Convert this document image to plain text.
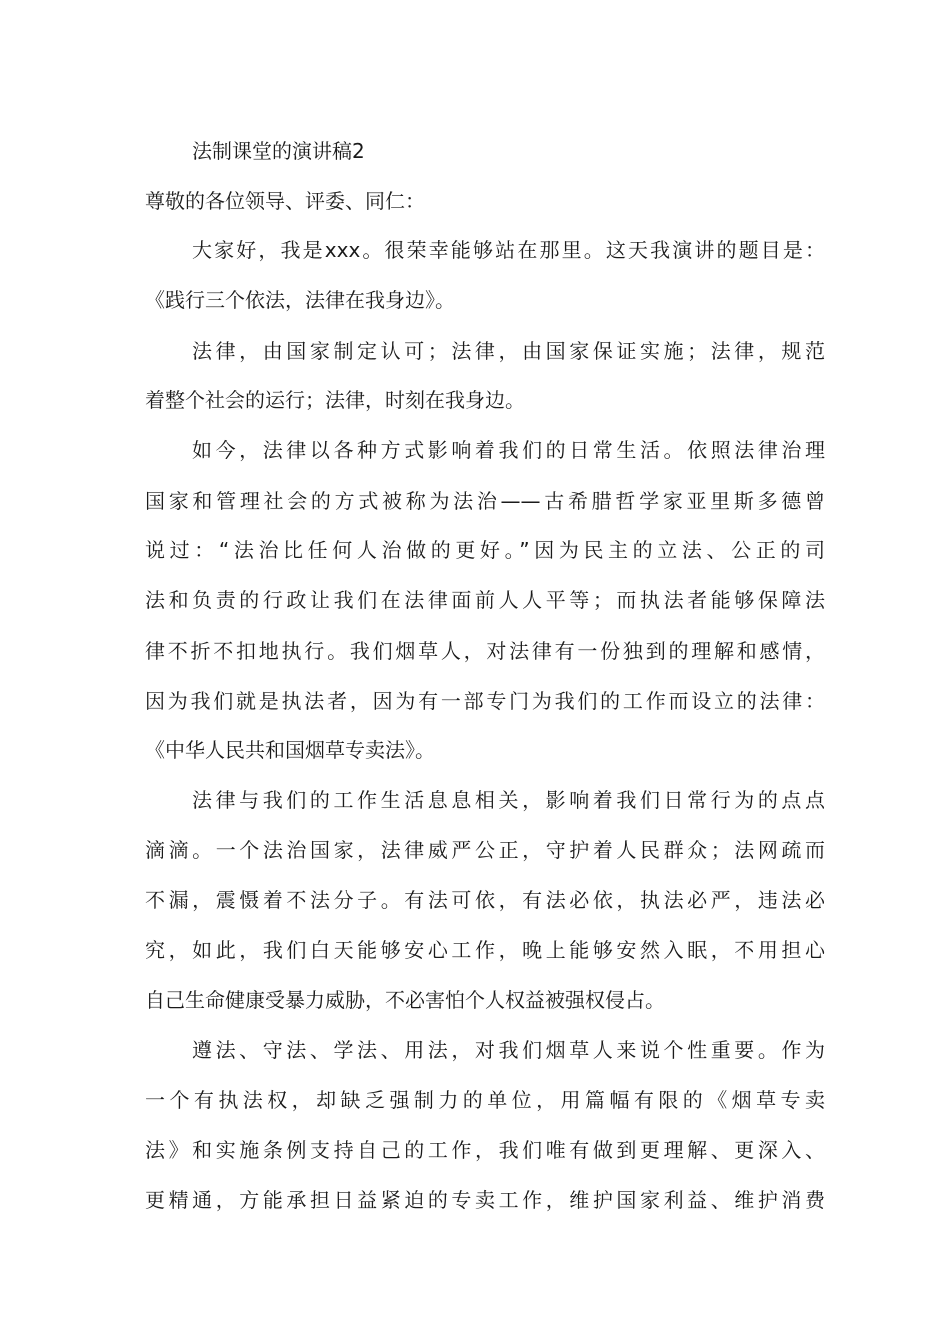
法制课堂的演讲稿2
尊敬的各位领导、评委、同仁：
大家好，我是xxx。很荣幸能够站在那里。这天我演讲的题目是：
《践行三个依法，法律在我身边》。
法律，由国家制定认可；法律，由国家保证实施；法律，规范
着整个社会的运行；法律，时刻在我身边。
如今，法律以各种方式影响着我们的日常生活。依照法律治理
国家和管理社会的方式被称为法治——古希腊哲学家亚里斯多德曾
说过：“法治比任何人治做的更好。”因为民主的立法、公正的司
法和负责的行政让我们在法律面前人人平等；而执法者能够保障法
律不折不扣地执行。我们烟草人，对法律有一份独到的理解和感情，
因为我们就是执法者，因为有一部专门为我们的工作而设立的法律：
《中华人民共和国烟草专卖法》。
法律与我们的工作生活息息相关，影响着我们日常行为的点点
滴滴。一个法治国家，法律威严公正，守护着人民群众；法网疏而
不漏，震慑着不法分子。有法可依，有法必依，执法必严，违法必
究，如此，我们白天能够安心工作，晚上能够安然入眠，不用担心
自己生命健康受暴力威胁，不必害怕个人权益被强权侵占。
遵法、守法、学法、用法，对我们烟草人来说个性重要。作为
一个有执法权，却缺乏强制力的单位，用篇幅有限的《烟草专卖
法》和实施条例支持自己的工作，我们唯有做到更理解、更深入、
更精通，方能承担日益紧迫的专卖工作，维护国家利益、维护消费
